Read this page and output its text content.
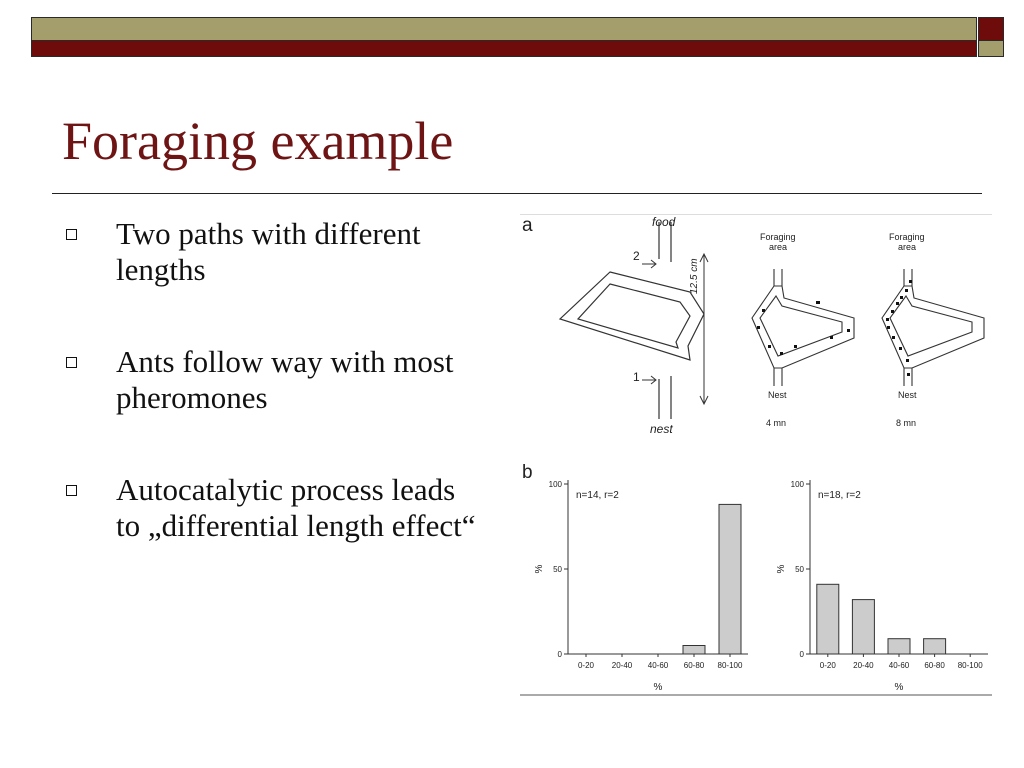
Foraging example
Two paths with different lengths
Ants follow way with most pheromones
Autocatalytic process leads to „differential length effect“
a	food
nest
2
1
12.5 cm
Foraging
area
Nest
4 mn
Foraging
area
Nest
8 mn
b
0
50
100
%
n=14, r=2
0-20 20-40 40-60 60-80 80-100
%
0
50
100
%
n=18, r=2
0-20 20-40 40-60 60-80 80-100
%
